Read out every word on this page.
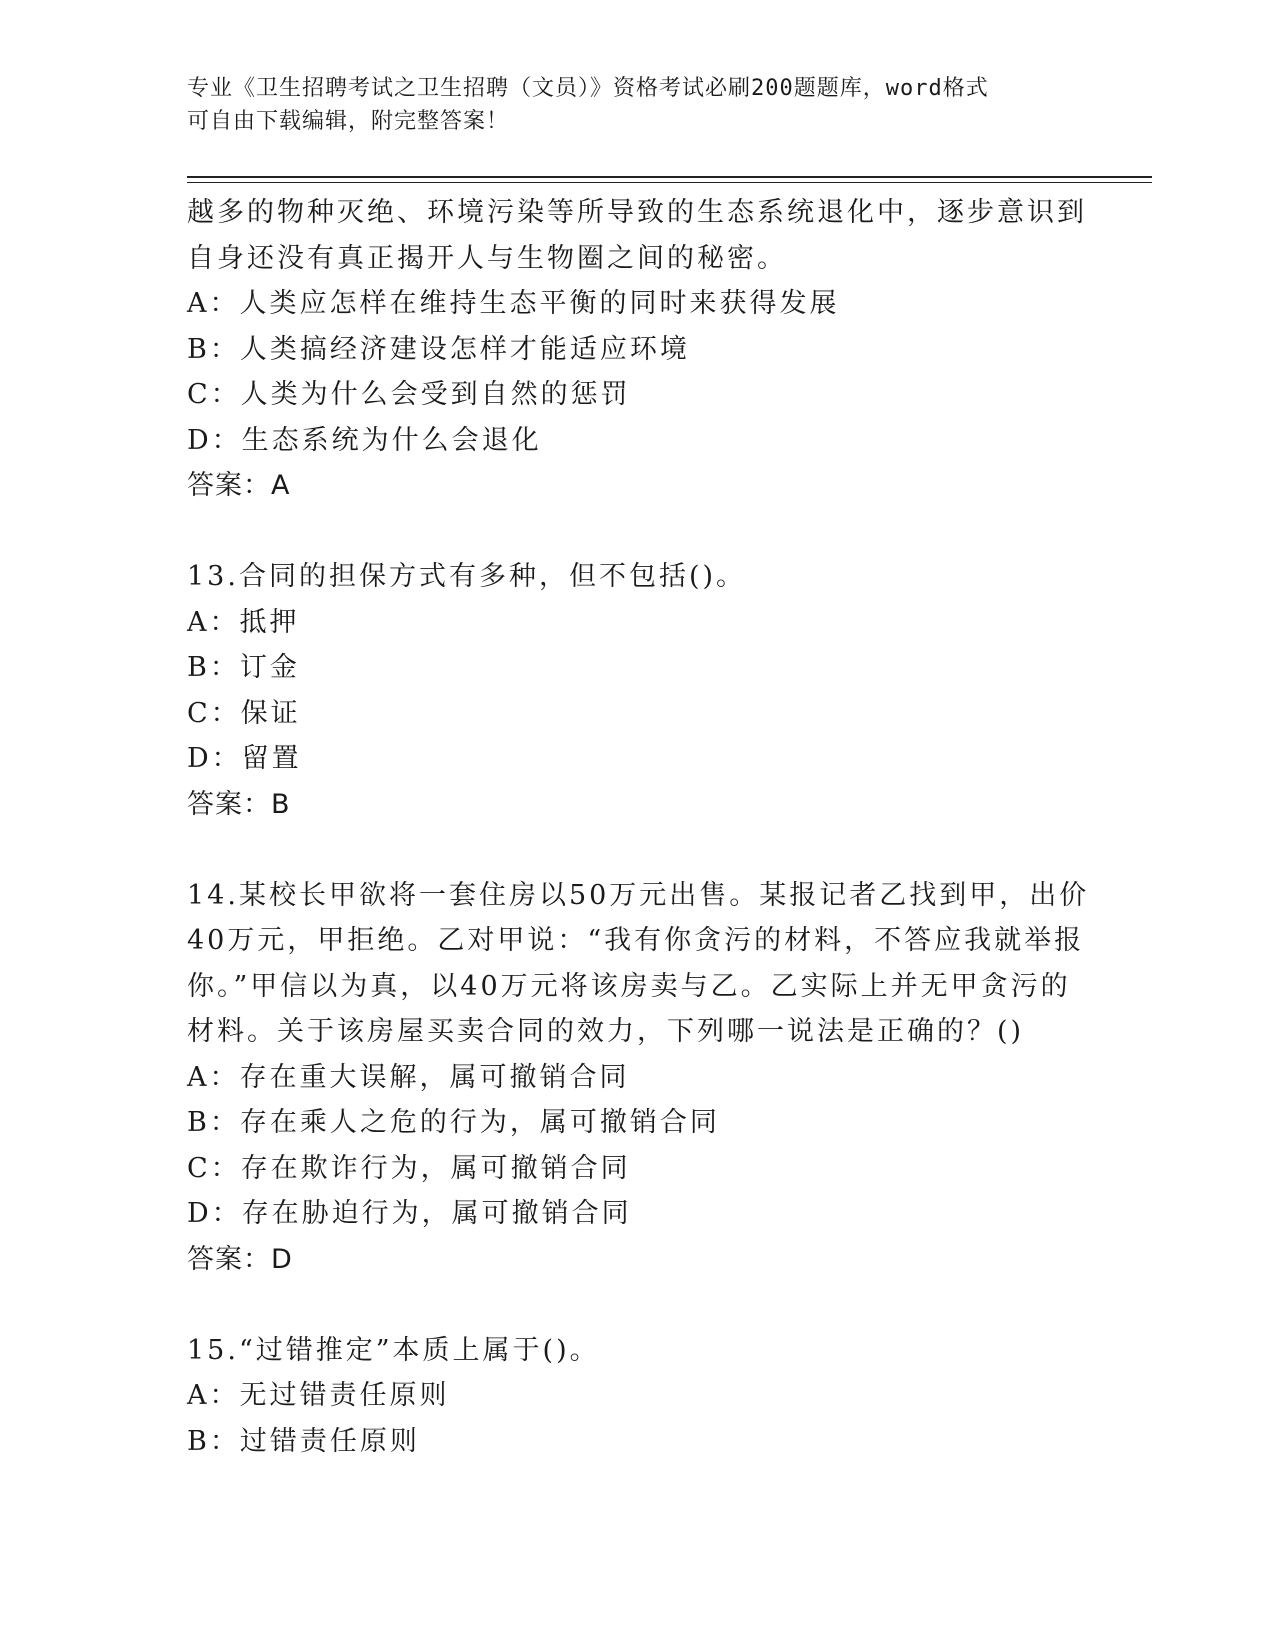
专业《卫生招聘考试之卫生招聘（文员）》资格考试必刷200题题库，word格式
可自由下载编辑，附完整答案！
越多的物种灭绝、环境污染等所导致的生态系统退化中，逐步意识到
自身还没有真正揭开人与生物圈之间的秘密。
A：人类应怎样在维持生态平衡的同时来获得发展
B：人类搞经济建设怎样才能适应环境
C：人类为什么会受到自然的惩罚
D：生态系统为什么会退化
答案：A
13.合同的担保方式有多种，但不包括()。
A：抵押
B：订金
C：保证
D：留置
答案：B
14.某校长甲欲将一套住房以50万元出售。某报记者乙找到甲，出价
40万元，甲拒绝。乙对甲说：“我有你贪污的材料，不答应我就举报
你。”甲信以为真，以40万元将该房卖与乙。乙实际上并无甲贪污的
材料。关于该房屋买卖合同的效力，下列哪一说法是正确的？()
A：存在重大误解，属可撤销合同
B：存在乘人之危的行为，属可撤销合同
C：存在欺诈行为，属可撤销合同
D：存在胁迫行为，属可撤销合同
答案：D
15.“过错推定”本质上属于()。
A：无过错责任原则
B：过错责任原则
